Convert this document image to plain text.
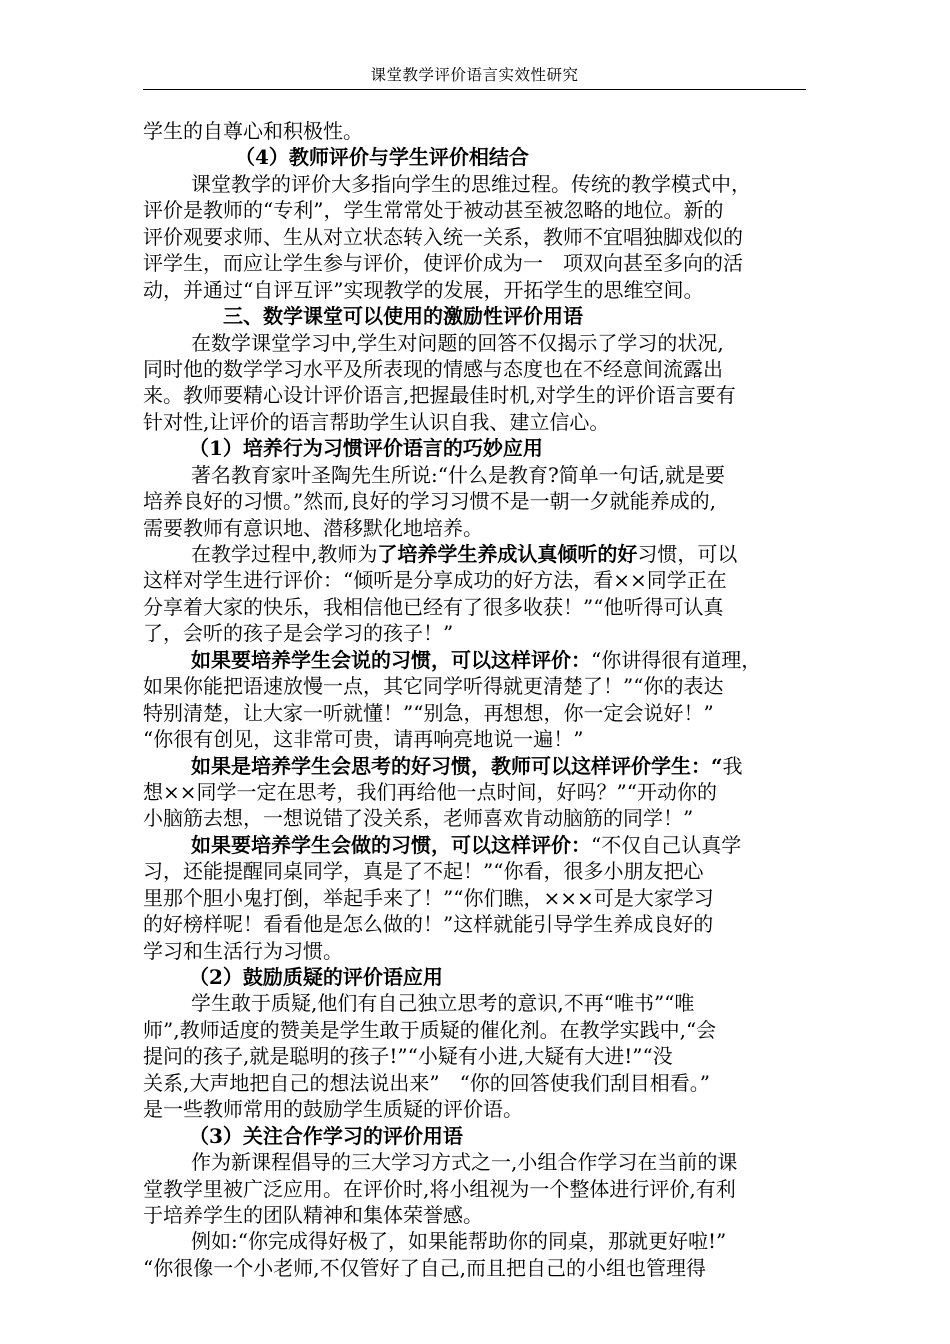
课堂教学评价语言实效性研究
学生的自尊心和积极性。
（4）教师评价与学生评价相结合
课堂教学的评价大多指向学生的思维过程。传统的教学模式中，
评价是教师的“专利”，学生常常处于被动甚至被忽略的地位。新的
评价观要求师、生从对立状态转入统一关系，教师不宜唱独脚戏似的
评学生，而应让学生参与评价，使评价成为一　项双向甚至多向的活
动，并通过“自评互评”实现教学的发展，开拓学生的思维空间。
三、数学课堂可以使用的激励性评价用语
在数学课堂学习中,学生对问题的回答不仅揭示了学习的状况,
同时他的数学学习水平及所表现的情感与态度也在不经意间流露出
来。教师要精心设计评价语言,把握最佳时机,对学生的评价语言要有
针对性,让评价的语言帮助学生认识自我、建立信心。
（1）培养行为习惯评价语言的巧妙应用
著名教育家叶圣陶先生所说:“什么是教育?简单一句话,就是要
培养良好的习惯。”然而,良好的学习习惯不是一朝一夕就能养成的,
需要教师有意识地、潜移默化地培养。
在教学过程中,教师为了培养学生养成认真倾听的好习惯，可以
这样对学生进行评价：“倾听是分享成功的好方法，看××同学正在
分享着大家的快乐，我相信他已经有了很多收获！”“他听得可认真
了，会听的孩子是会学习的孩子！”
如果要培养学生会说的习惯，可以这样评价：“你讲得很有道理，
如果你能把语速放慢一点，其它同学听得就更清楚了！”“你的表达
特别清楚，让大家一听就懂！”“别急，再想想，你一定会说好！”
“你很有创见，这非常可贵，请再响亮地说一遍！”
如果是培养学生会思考的好习惯，教师可以这样评价学生：“我
想××同学一定在思考，我们再给他一点时间，好吗？”“开动你的
小脑筋去想，一想说错了没关系，老师喜欢肯动脑筋的同学！”
如果要培养学生会做的习惯，可以这样评价：“不仅自己认真学
习，还能提醒同桌同学，真是了不起！”“你看，很多小朋友把心
里那个胆小鬼打倒，举起手来了！”“你们瞧，×××可是大家学习
的好榜样呢！看看他是怎么做的！”这样就能引导学生养成良好的
学习和生活行为习惯。
（2）鼓励质疑的评价语应用
学生敢于质疑,他们有自己独立思考的意识,不再“唯书”“唯
师”,教师适度的赞美是学生敢于质疑的催化剂。在教学实践中,“会
提问的孩子,就是聪明的孩子!”“小疑有小进,大疑有大进!”“没
关系,大声地把自己的想法说出来”　“你的回答使我们刮目相看。”
是一些教师常用的鼓励学生质疑的评价语。
（3）关注合作学习的评价用语
作为新课程倡导的三大学习方式之一,小组合作学习在当前的课
堂教学里被广泛应用。在评价时,将小组视为一个整体进行评价,有利
于培养学生的团队精神和集体荣誉感。
例如:“你完成得好极了，如果能帮助你的同桌，那就更好啦!”
“你很像一个小老师,不仅管好了自己,而且把自己的小组也管理得
